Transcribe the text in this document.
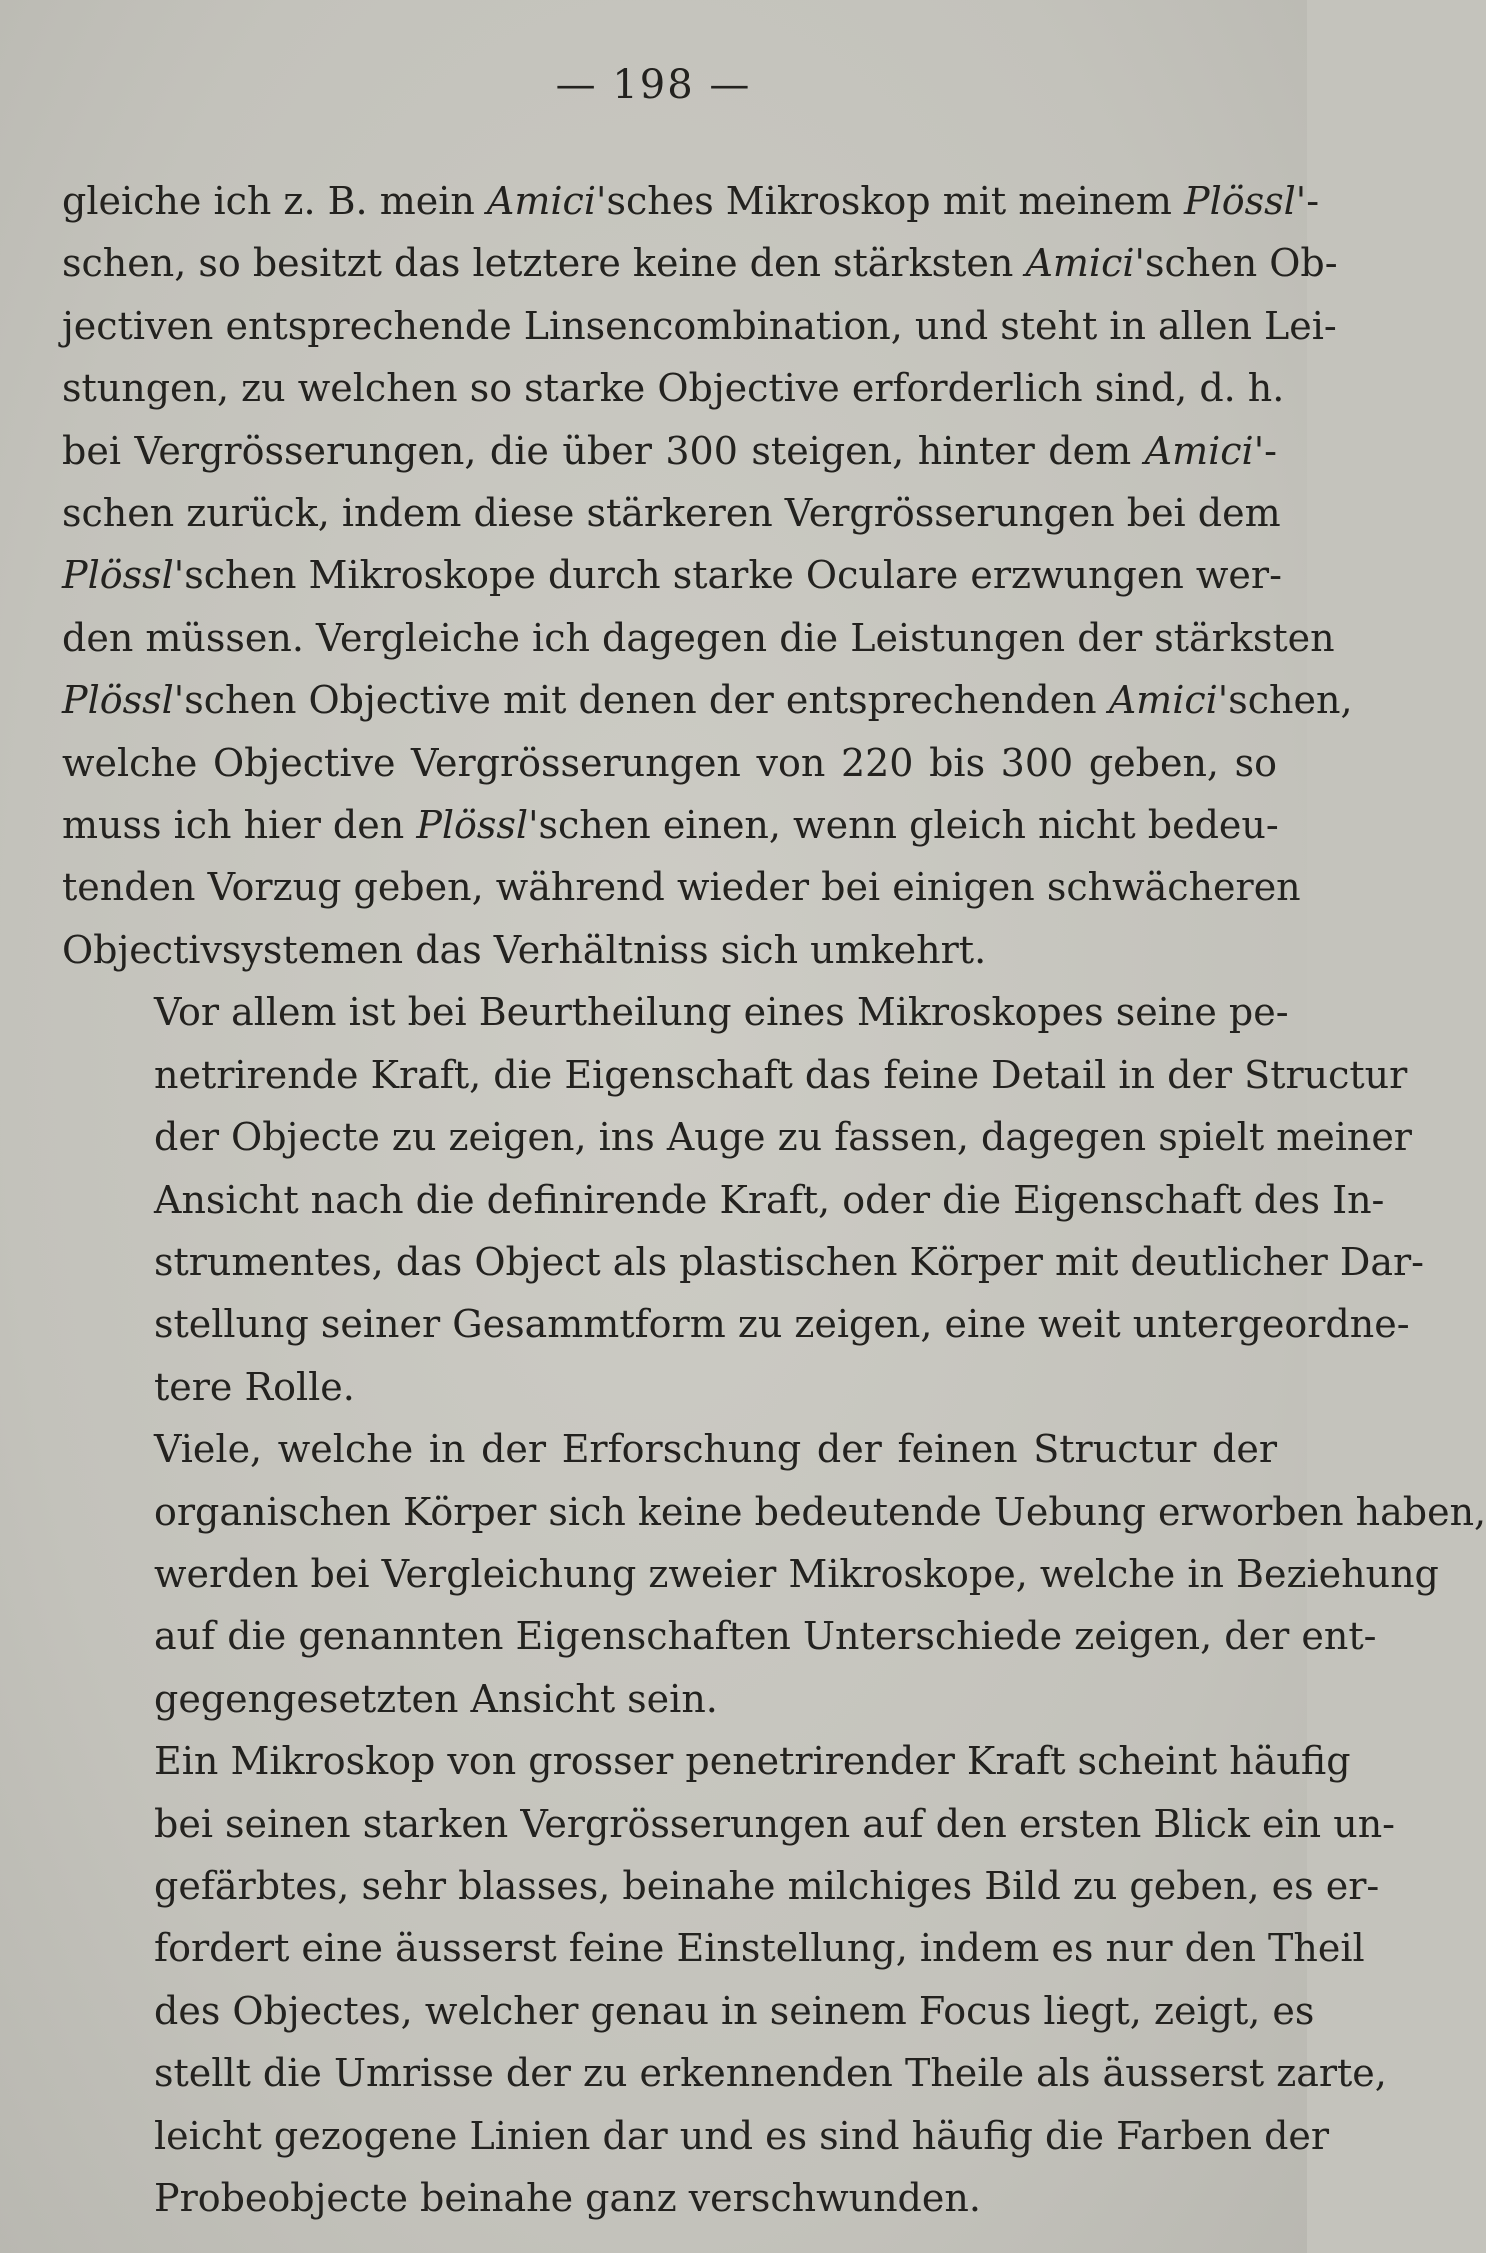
— 198 —

gleiche ich z. B. mein Amici'sches Mikroskop mit meinem Plössl'-
schen, so besitzt das letztere keine den stärksten Amici'schen Ob-
jectiven entsprechende Linsencombination, und steht in allen Lei-
stungen, zu welchen so starke Objective erforderlich sind, d. h.
bei Vergrösserungen, die über 300 steigen, hinter dem Amici'-
schen zurück, indem diese stärkeren Vergrösserungen bei dem
Plössl'schen Mikroskope durch starke Oculare erzwungen wer-
den müssen. Vergleiche ich dagegen die Leistungen der stärksten
Plössl'schen Objective mit denen der entsprechenden Amici'schen,
welche Objective Vergrösserungen von 220 bis 300 geben, so
muss ich hier den Plössl'schen einen, wenn gleich nicht bedeu-
tenden Vorzug geben, während wieder bei einigen schwächeren
Objectivsystemen das Verhältniss sich umkehrt.

Vor allem ist bei Beurtheilung eines Mikroskopes seine pe-
netrirende Kraft, die Eigenschaft das feine Detail in der Structur
der Objecte zu zeigen, ins Auge zu fassen, dagegen spielt meiner
Ansicht nach die definirende Kraft, oder die Eigenschaft des In-
strumentes, das Object als plastischen Körper mit deutlicher Dar-
stellung seiner Gesammtform zu zeigen, eine weit untergeordne-
tere Rolle.

Viele, welche in der Erforschung der feinen Structur der
organischen Körper sich keine bedeutende Uebung erworben haben,
werden bei Vergleichung zweier Mikroskope, welche in Beziehung
auf die genannten Eigenschaften Unterschiede zeigen, der ent-
gegengesetzten Ansicht sein.

Ein Mikroskop von grosser penetrirender Kraft scheint häufig
bei seinen starken Vergrösserungen auf den ersten Blick ein un-
gefärbtes, sehr blasses, beinahe milchiges Bild zu geben, es er-
fordert eine äusserst feine Einstellung, indem es nur den Theil
des Objectes, welcher genau in seinem Focus liegt, zeigt, es
stellt die Umrisse der zu erkennenden Theile als äusserst zarte,
leicht gezogene Linien dar und es sind häufig die Farben der
Probeobjecte beinahe ganz verschwunden.
